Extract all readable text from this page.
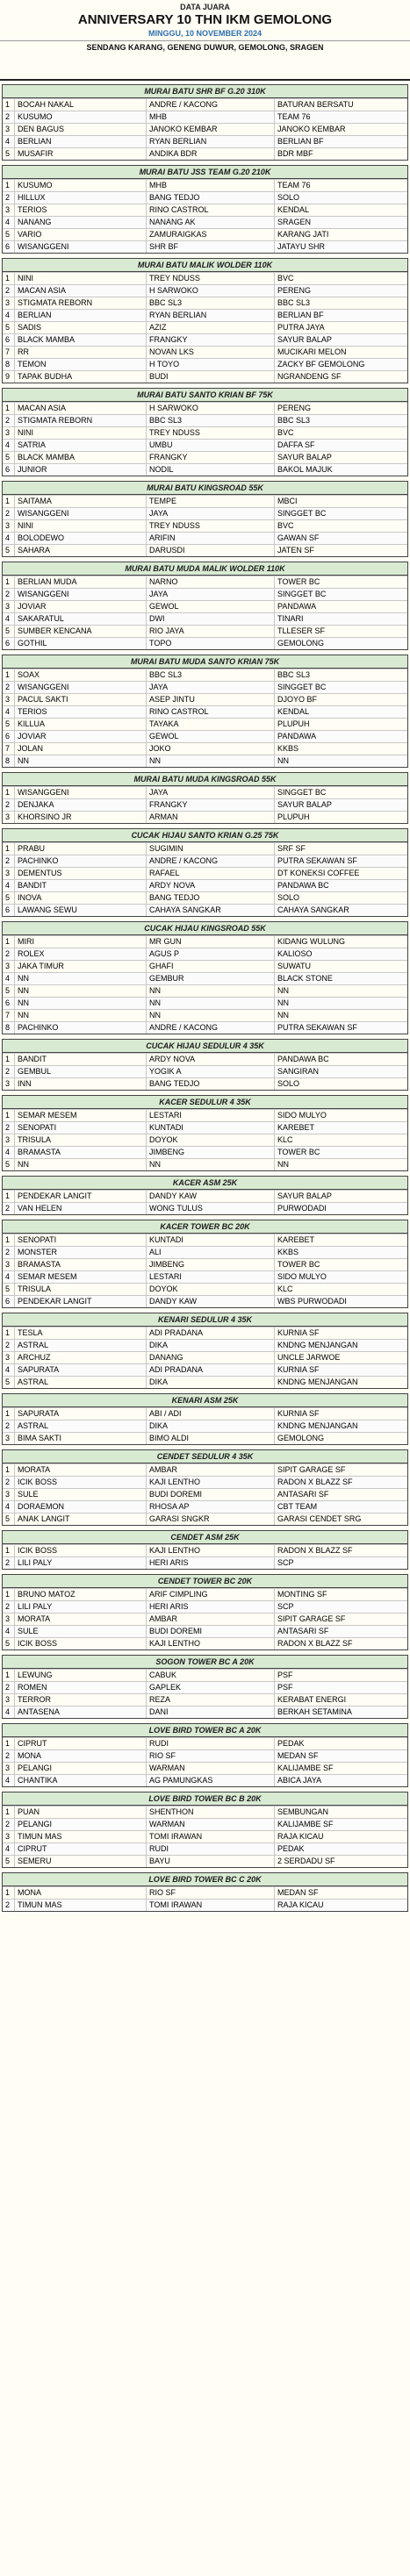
DATA JUARA
ANNIVERSARY 10 THN IKM GEMOLONG
MINGGU, 10 NOVEMBER 2024
SENDANG KARANG, GENENG DUWUR, GEMOLONG, SRAGEN
MURAI BATU SHR BF G.20 310K
1 BOCAH NAKAL	ANDRE / KACONG	BATURAN BERSATU
2 KUSUMO	MHB	TEAM 76
3 DEN BAGUS	JANOKO KEMBAR	JANOKO KEMBAR
4 BERLIAN	RYAN BERLIAN	BERLIAN BF
5 MUSAFIR	ANDIKA BDR	BDR MBF
MURAI BATU JSS TEAM G.20 210K
1 KUSUMO	MHB	TEAM 76
2 HILLUX	BANG TEDJO	SOLO
3 TERIOS	RINO CASTROL	KENDAL
4 NANANG	NANANG AK	SRAGEN
5 VARIO	ZAMURAIGKAS	KARANG JATI
6 WISANGGENI	SHR BF	JATAYU SHR
MURAI BATU MALIK WOLDER 110K
1 NINI	TREY NDUSS	BVC
2 MACAN ASIA	H SARWOKO	PERENG
3 STIGMATA REBORN	BBC SL3	BBC SL3
4 BERLIAN	RYAN BERLIAN	BERLIAN BF
5 SADIS	AZIZ	PUTRA JAYA
6 BLACK MAMBA	FRANGKY	SAYUR BALAP
7 RR	NOVAN LKS	MUCIKARI MELON
8 TEMON	H TOYO	ZACKY BF GEMOLONG
9 TAPAK BUDHA	BUDI	NGRANDENG SF
MURAI BATU SANTO KRIAN BF 75K
1 MACAN ASIA	H SARWOKO	PERENG
2 STIGMATA REBORN	BBC SL3	BBC SL3
3 NINI	TREY NDUSS	BVC
4 SATRIA	UMBU	DAFFA SF
5 BLACK MAMBA	FRANGKY	SAYUR BALAP
6 JUNIOR	NODIL	BAKOL MAJUK
MURAI BATU KINGSROAD 55K
1 SAITAMA	TEMPE	MBCI
2 WISANGGENI	JAYA	SINGGET BC
3 NINI	TREY NDUSS	BVC
4 BOLODEWO	ARIFIN	GAWAN SF
5 SAHARA	DARUSDI	JATEN SF
MURAI BATU MUDA MALIK WOLDER 110K
1 BERLIAN MUDA	NARNO	TOWER BC
2 WISANGGENI	JAYA	SINGGET BC
3 JOVIAR	GEWOL	PANDAWA
4 SAKARATUL	DWI	TINARI
5 SUMBER KENCANA	RIO JAYA	TLLESER SF
6 GOTHIL	TOPO	GEMOLONG
MURAI BATU MUDA SANTO KRIAN 75K
1 SOAX	BBC SL3	BBC SL3
2 WISANGGENI	JAYA	SINGGET BC
3 PACUL SAKTI	ASEP JINTU	DJOYO BF
4 TERIOS	RINO CASTROL	KENDAL
5 KILLUA	TAYAKA	PLUPUH
6 JOVIAR	GEWOL	PANDAWA
7 JOLAN	JOKO	KKBS
8 NN	NN	NN
MURAI BATU MUDA KINGSROAD 55K
1 WISANGGENI	JAYA	SINGGET BC
2 DENJAKA	FRANGKY	SAYUR BALAP
3 KHORSINO JR	ARMAN	PLUPUH
CUCAK HIJAU SANTO KRIAN G.25 75K
1 PRABU	SUGIMIN	SRF SF
2 PACHINKO	ANDRE / KACONG	PUTRA SEKAWAN SF
3 DEMENTUS	RAFAEL	DT KONEKSI COFFEE
4 BANDIT	ARDY NOVA	PANDAWA BC
5 INOVA	BANG TEDJO	SOLO
6 LAWANG SEWU	CAHAYA SANGKAR	CAHAYA SANGKAR
CUCAK HIJAU KINGSROAD 55K
1 MIRI	MR GUN	KIDANG WULUNG
2 ROLEX	AGUS P	KALIOSO
3 JAKA TIMUR	GHAFI	SUWATU
4 NN	GEMBUR	BLACK STONE
5 NN	NN	NN
6 NN	NN	NN
7 NN	NN	NN
8 PACHINKO	ANDRE / KACONG	PUTRA SEKAWAN SF
CUCAK HIJAU SEDULUR 4 35K
1 BANDIT	ARDY NOVA	PANDAWA BC
2 GEMBUL	YOGIK A	SANGIRAN
3 INN	BANG TEDJO	SOLO
KACER SEDULUR 4 35K
1 SEMAR MESEM	LESTARI	SIDO MULYO
2 SENOPATI	KUNTADI	KAREBET
3 TRISULA	DOYOK	KLC
4 BRAMASTA	JIMBENG	TOWER BC
5 NN	NN	NN
KACER ASM 25K
1 PENDEKAR LANGIT	DANDY KAW	SAYUR BALAP
2 VAN HELEN	WONG TULUS	PURWODADI
KACER TOWER BC 20K
1 SENOPATI	KUNTADI	KAREBET
2 MONSTER	ALI	KKBS
3 BRAMASTA	JIMBENG	TOWER BC
4 SEMAR MESEM	LESTARI	SIDO MULYO
5 TRISULA	DOYOK	KLC
6 PENDEKAR LANGIT	DANDY KAW	WBS PURWODADI
KENARI SEDULUR 4 35K
1 TESLA	ADI PRADANA	KURNIA SF
2 ASTRAL	DIKA	KNDNG MENJANGAN
3 ARCHUZ	DANANG	UNCLE JARWOE
4 SAPURATA	ADI PRADANA	KURNIA SF
5 ASTRAL	DIKA	KNDNG MENJANGAN
KENARI ASM 25K
1 SAPURATA	ABI / ADI	KURNIA SF
2 ASTRAL	DIKA	KNDNG MENJANGAN
3 BIMA SAKTI	BIMO ALDI	GEMOLONG
CENDET SEDULUR 4 35K
1 MORATA	AMBAR	SIPIT GARAGE SF
2 ICIK BOSS	KAJI LENTHO	RADON X BLAZZ SF
3 SULE	BUDI DOREMI	ANTASARI SF
4 DORAEMON	RHOSA AP	CBT TEAM
5 ANAK LANGIT	GARASI SNGKR	GARASI CENDET SRG
CENDET ASM 25K
1 ICIK BOSS	KAJI LENTHO	RADON X BLAZZ SF
2 LILI PALY	HERI ARIS	SCP
CENDET TOWER BC 20K
1 BRUNO MATOZ	ARIF CIMPLING	MONTING SF
2 LILI PALY	HERI ARIS	SCP
3 MORATA	AMBAR	SIPIT GARAGE SF
4 SULE	BUDI DOREMI	ANTASARI SF
5 ICIK BOSS	KAJI LENTHO	RADON X BLAZZ SF
SOGON TOWER BC A 20K
1 LEWUNG	CABUK	PSF
2 ROMEN	GAPLEK	PSF
3 TERROR	REZA	KERABAT ENERGI
4 ANTASENA	DANI	BERKAH SETAMINA
LOVE BIRD TOWER BC A 20K
1 CIPRUT	RUDI	PEDAK
2 MONA	RIO SF	MEDAN SF
3 PELANGI	WARMAN	KALIJAMBE SF
4 CHANTIKA	AG PAMUNGKAS	ABICA JAYA
LOVE BIRD TOWER BC B 20K
1 PUAN	SHENTHON	SEMBUNGAN
2 PELANGI	WARMAN	KALIJAMBE SF
3 TIMUN MAS	TOMI IRAWAN	RAJA KICAU
4 CIPRUT	RUDI	PEDAK
5 SEMERU	BAYU	2 SERDADU SF
LOVE BIRD TOWER BC C 20K
1 MONA	RIO SF	MEDAN SF
2 TIMUN MAS	TOMI IRAWAN	RAJA KICAU
